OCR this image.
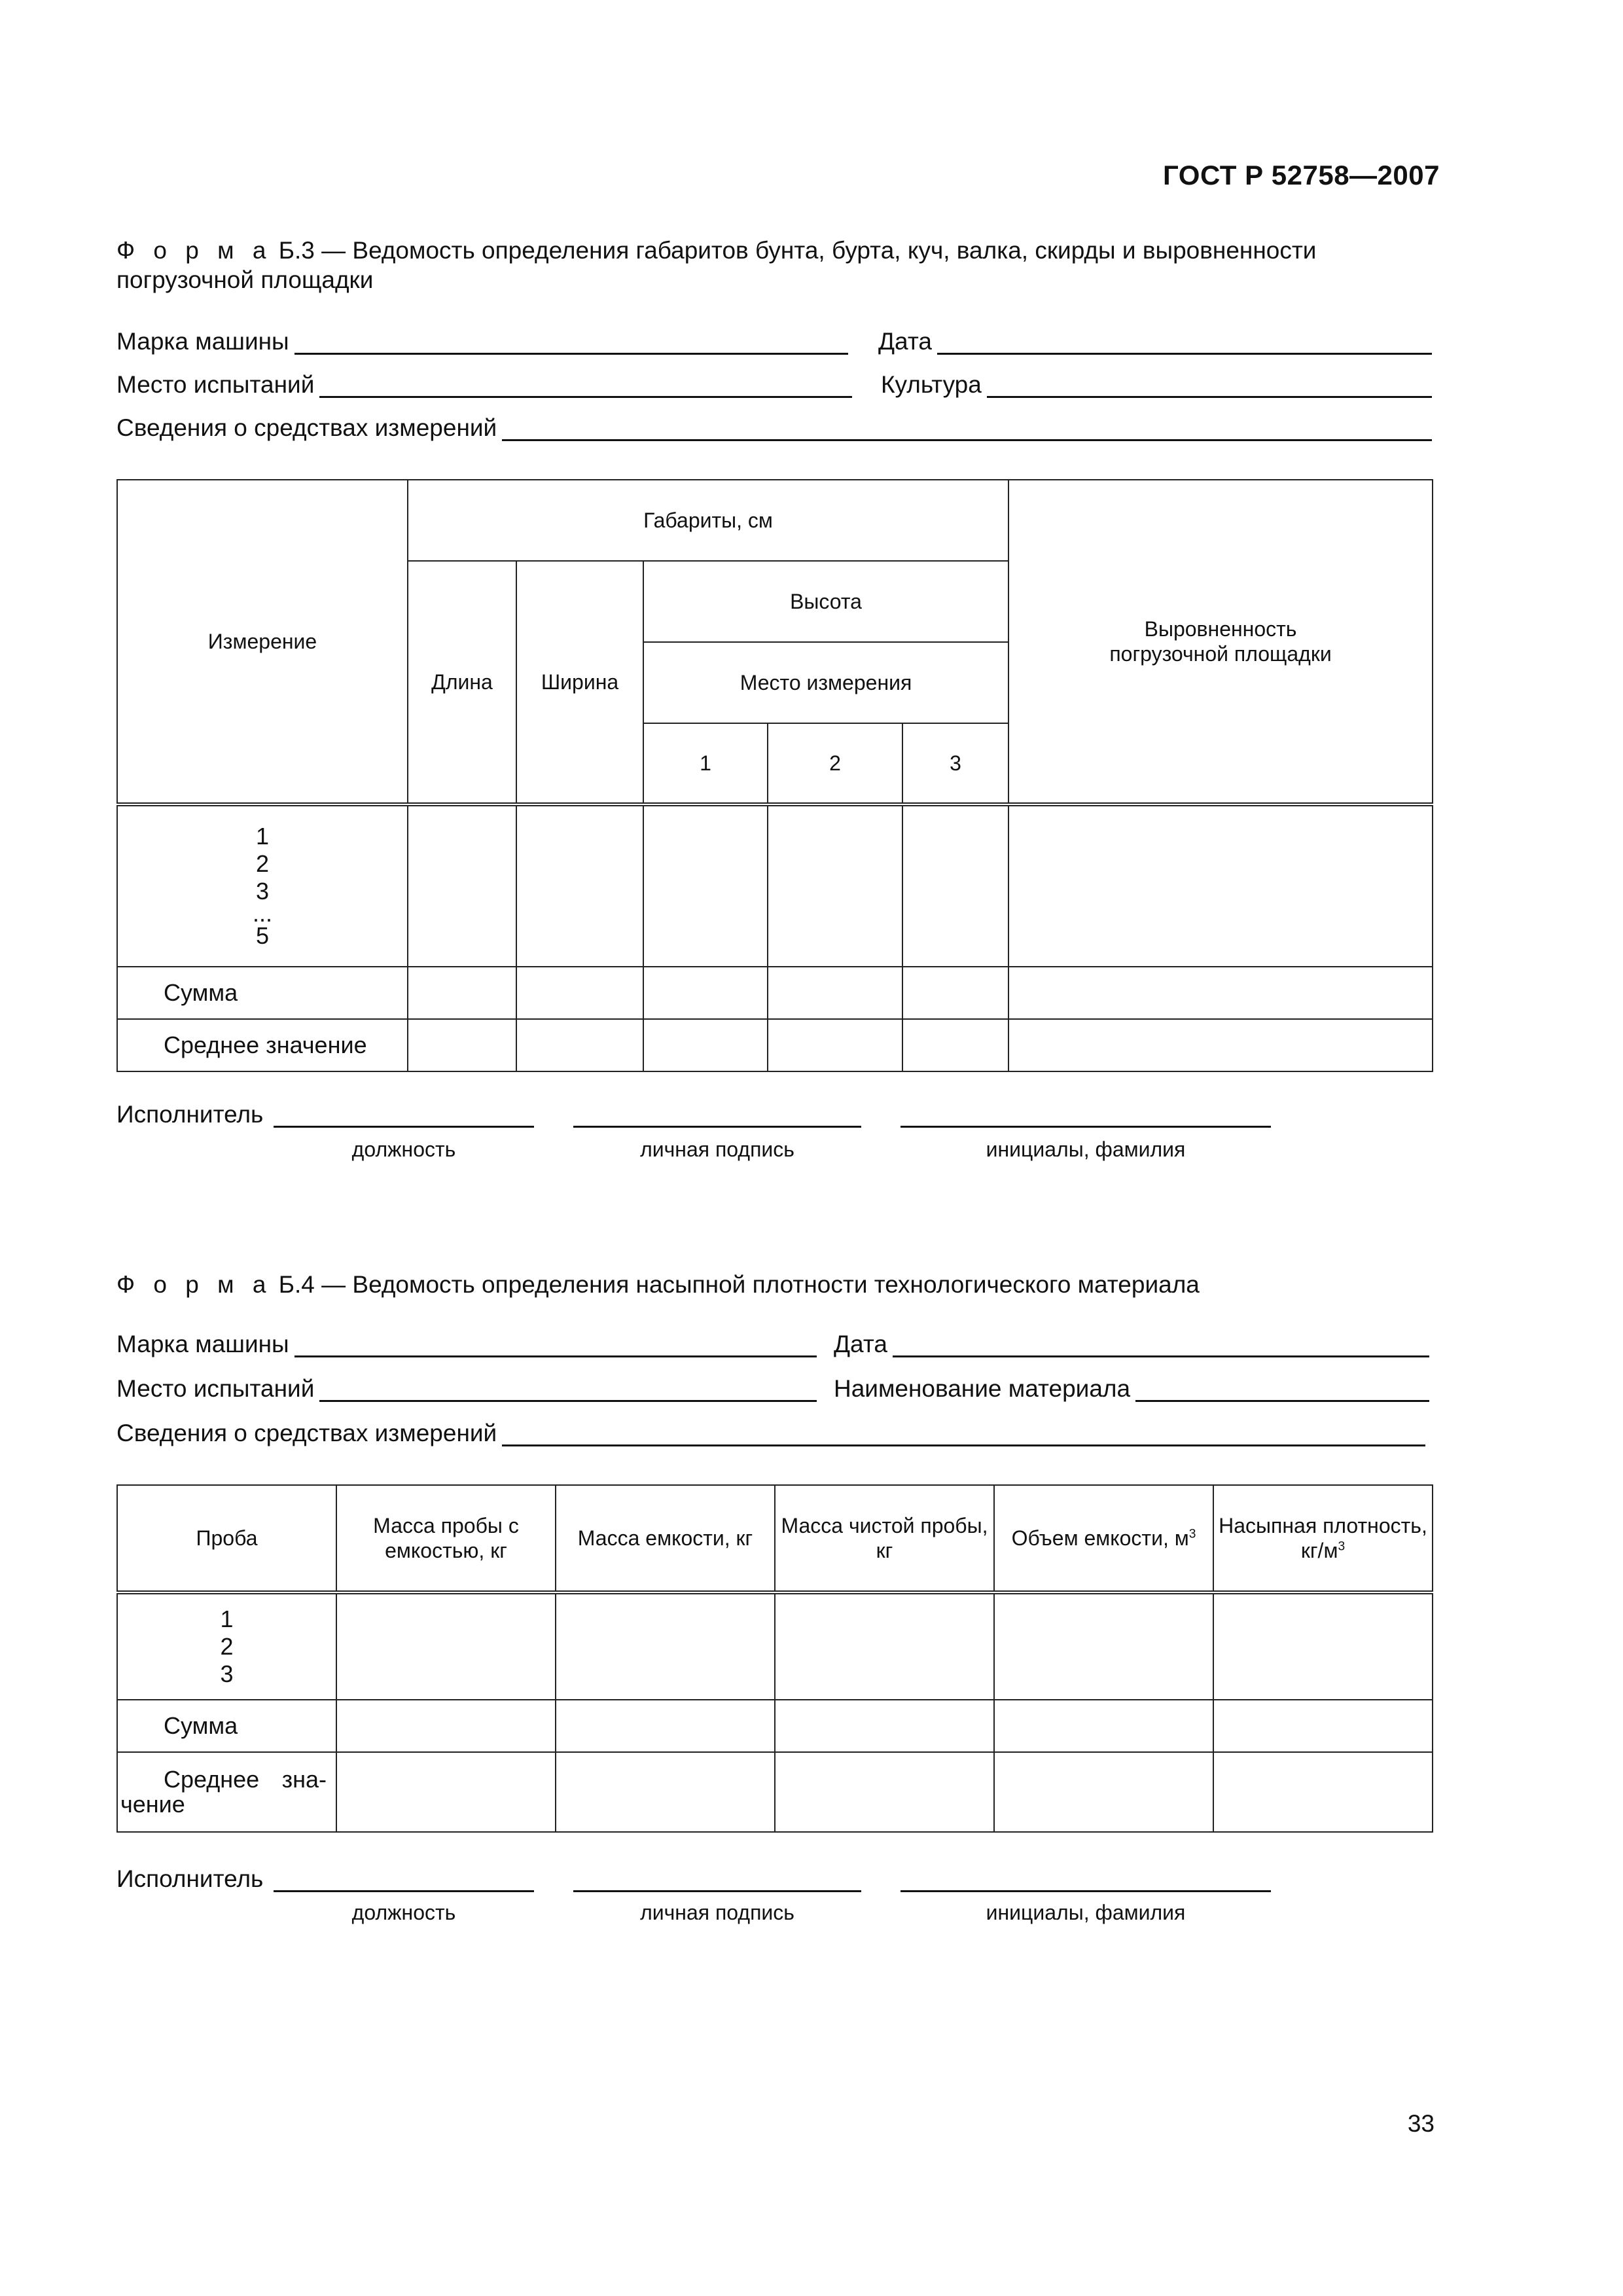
ГОСТ Р 52758—2007
Ф о р м а Б.3 — Ведомость определения габаритов бунта, бурта, куч, валка, скирды и выровненности погрузочной площадки
Марка машины	Дата
Место испытаний	Культура
Сведения о средствах измерений
Измерение	Габариты, см					Выровненность погрузочной площадки

	Длина	Ширина	Высота			
			Место измерения			
			1	2	3	

1
2
3
...
5						

Сумма						
Среднее значение						
Исполнитель
должность	личная подпись	инициалы, фамилия
Ф о р м а Б.4 — Ведомость определения насыпной плотности технологического материала
Марка машины	Дата
Место испытаний	Наименование материала
Сведения о средствах измерений
Проба	Масса пробы с емкостью, кг	Масса емкости, кг	Масса чистой пробы, кг	Объем емкости, $м^3$	Насыпная плотность, $кг/м^3$

1
2
3					

Сумма					

Среднее зна-
чение					

Исполнитель
должность	личная подпись	инициалы, фамилия
33
